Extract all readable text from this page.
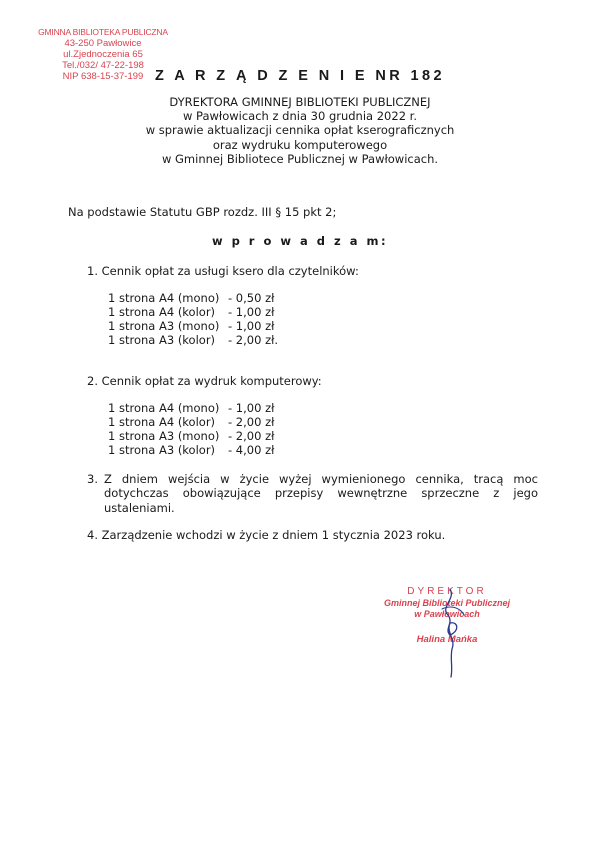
GMINNA BIBLIOTEKA PUBLICZNA
43-250 Pawłowice
ul.Zjednoczenia 65
Tel./032/ 47-22-198
NIP 638-15-37-199 Z A R Z Ą D Z E N I E NR 182
DYREKTORA GMINNEJ BIBLIOTEKI PUBLICZNEJ
w Pawłowicach z dnia 30 grudnia 2022 r.
w sprawie aktualizacji cennika opłat kserograficznych
oraz wydruku komputerowego
w Gminnej Bibliotece Publicznej w Pawłowicach.
Na podstawie Statutu GBP rozdz. III § 15 pkt 2;
w p r o w a d z a m:
1. Cennik opłat za usługi ksero dla czytelników:
1 strona A4 (mono) - 0,50 zł
1 strona A4 (kolor) - 1,00 zł
1 strona A3 (mono) - 1,00 zł
1 strona A3 (kolor) - 2,00 zł.
2. Cennik opłat za wydruk komputerowy:
1 strona A4 (mono) - 1,00 zł
1 strona A4 (kolor) - 2,00 zł
1 strona A3 (mono) - 2,00 zł
1 strona A3 (kolor) - 4,00 zł
3. Z dniem wejścia w życie wyżej wymienionego cennika, tracą moc dotychczas obowiązujące przepisy wewnętrzne sprzeczne z jego ustaleniami.
4. Zarządzenie wchodzi w życie z dniem 1 stycznia 2023 roku.
DYREKTOR
Gminnej Biblioteki Publicznej
w Pawłowicach
Halina Mańka
